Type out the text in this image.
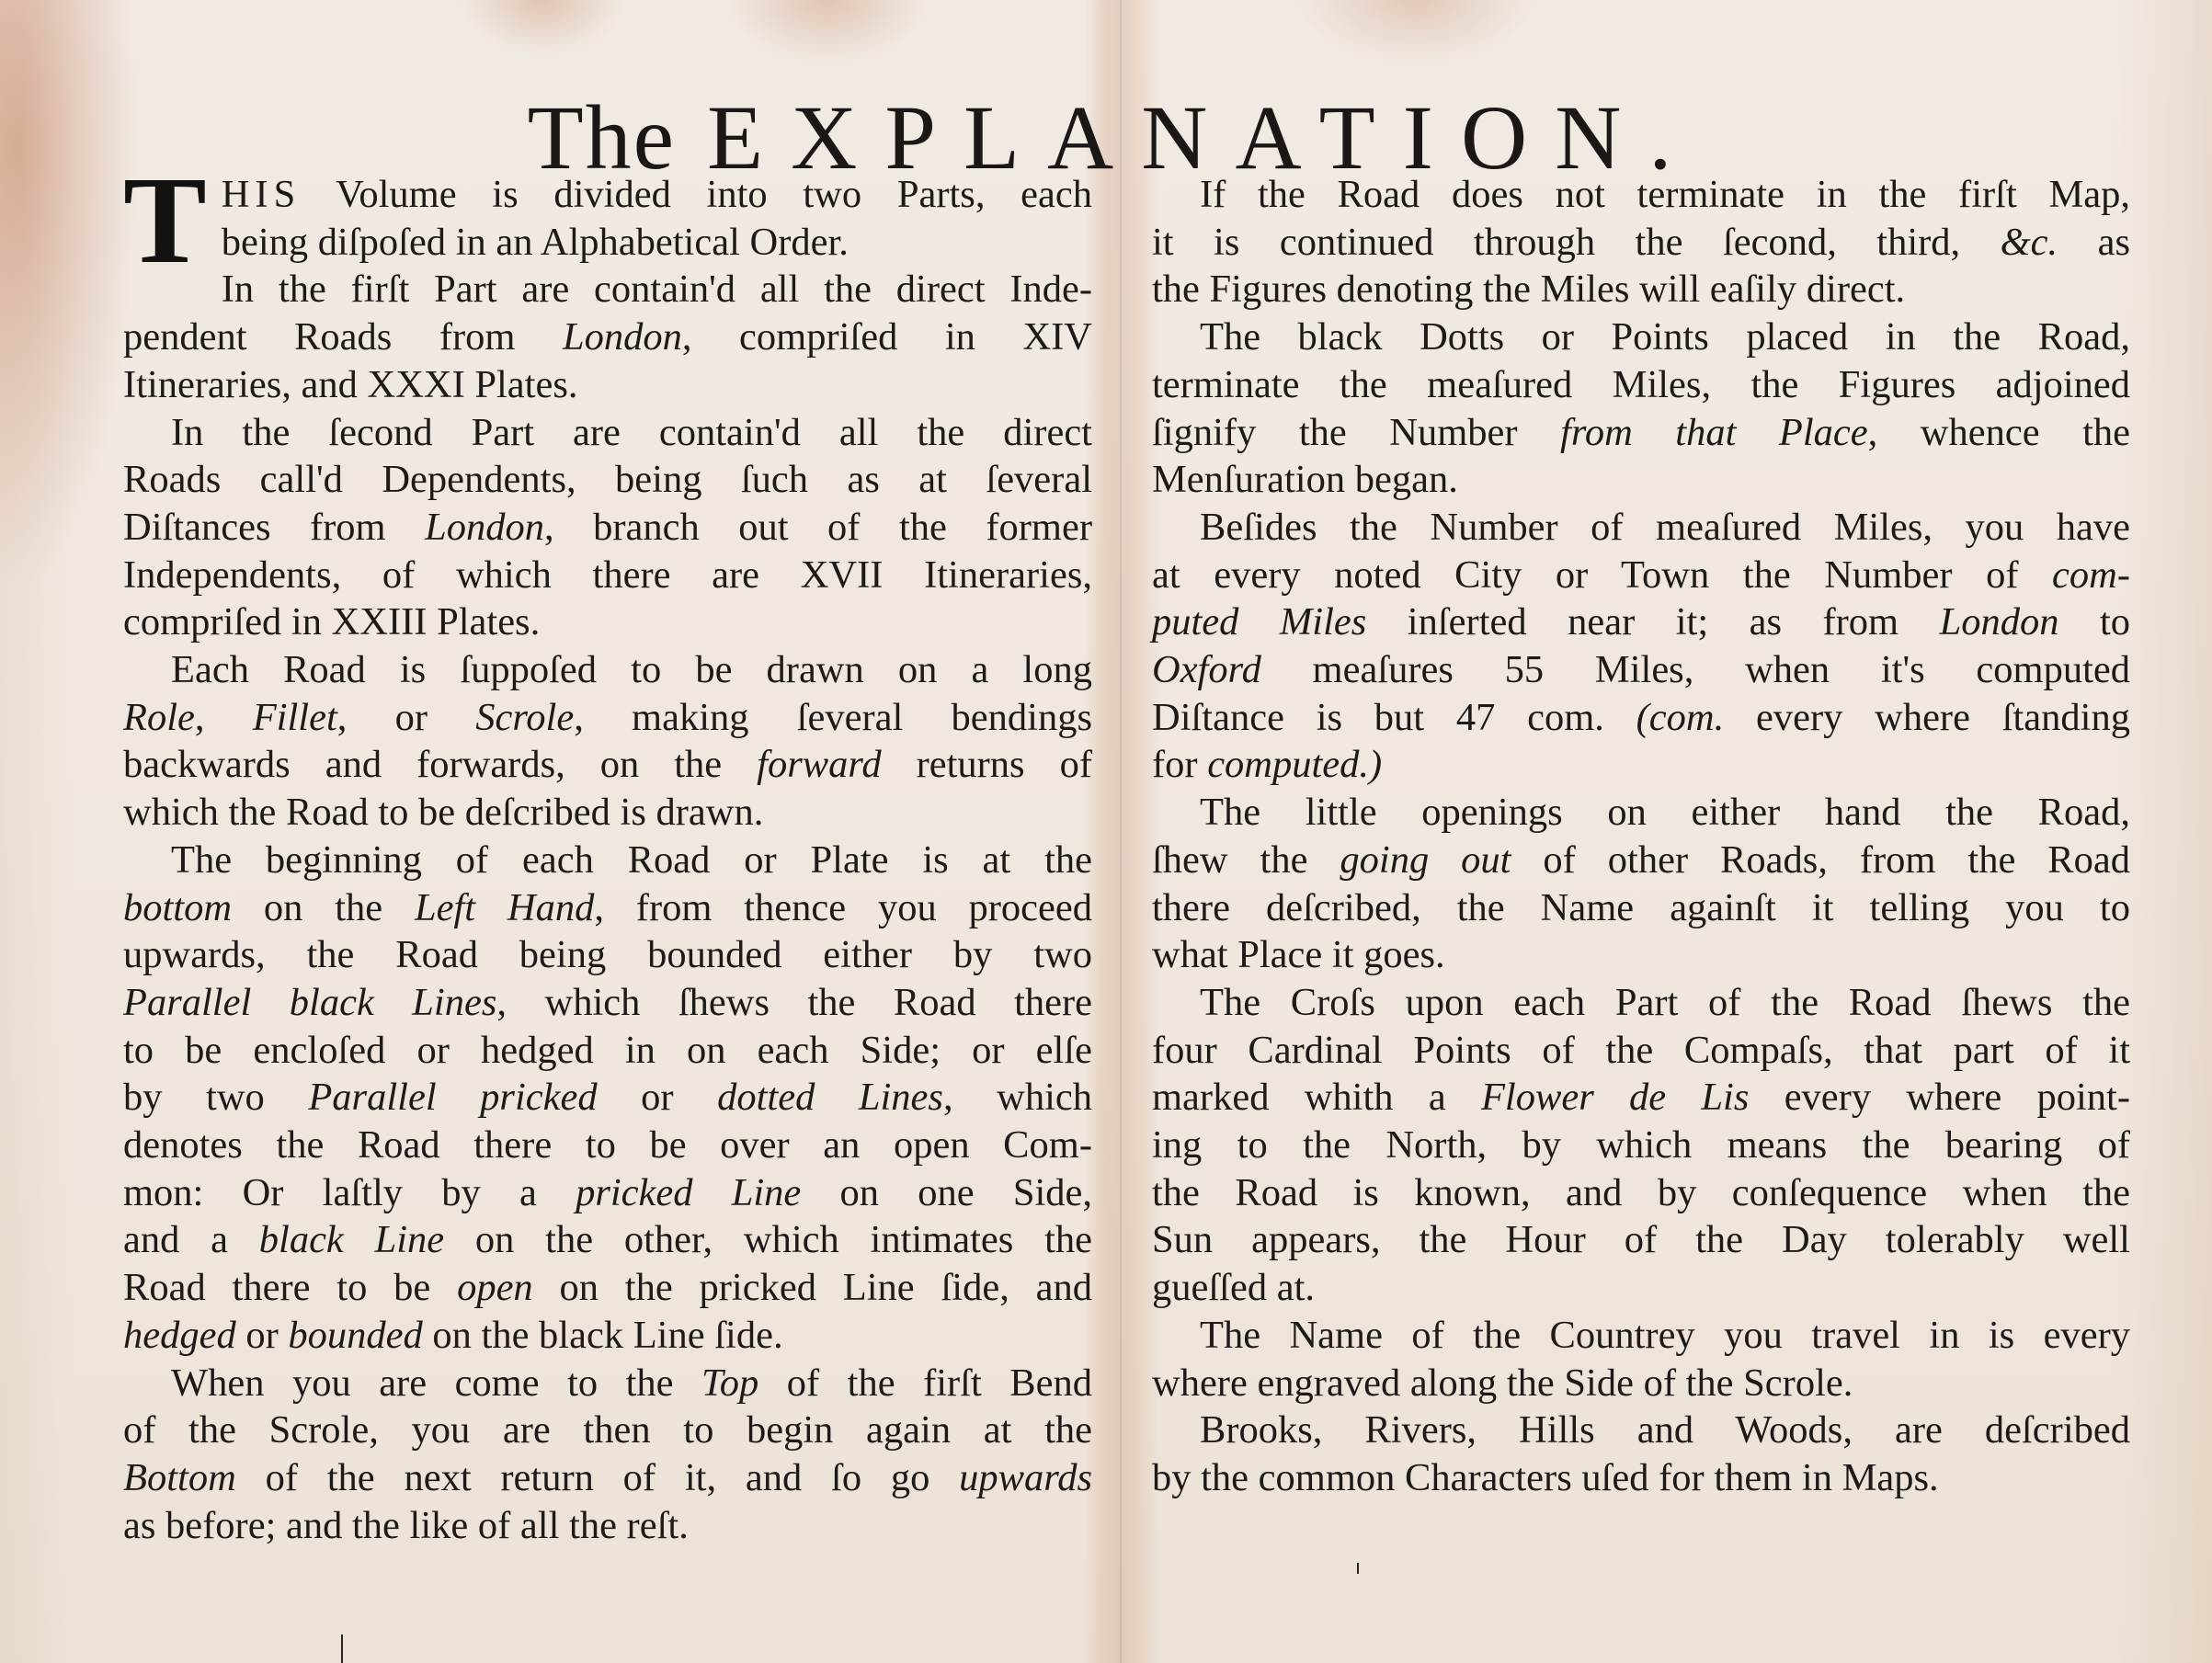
The EXPLANATION.
T HIS Volume is divided into two Parts, each
being diſpoſed in an Alphabetical Order.
In the firſt Part are contain'd all the direct Inde-
pendent Roads from London, compriſed in XIV
Itineraries, and XXXI Plates.
In the ſecond Part are contain'd all the direct
Roads call'd Dependents, being ſuch as at ſeveral
Diſtances from London, branch out of the former
Independents, of which there are XVII Itineraries,
compriſed in XXIII Plates.
Each Road is ſuppoſed to be drawn on a long
Role, Fillet, or Scrole, making ſeveral bendings
backwards and forwards, on the forward returns of
which the Road to be deſcribed is drawn.
The beginning of each Road or Plate is at the
bottom on the Left Hand, from thence you proceed
upwards, the Road being bounded either by two
Parallel black Lines, which ſhews the Road there
to be encloſed or hedged in on each Side; or elſe
by two Parallel pricked or dotted Lines, which
denotes the Road there to be over an open Com-
mon: Or laſtly by a pricked Line on one Side,
and a black Line on the other, which intimates the
Road there to be open on the pricked Line ſide, and
hedged or bounded on the black Line ſide.
When you are come to the Top of the firſt Bend
of the Scrole, you are then to begin again at the
Bottom of the next return of it, and ſo go upwards
as before; and the like of all the reſt.
If the Road does not terminate in the firſt Map,
it is continued through the ſecond, third, &c. as
the Figures denoting the Miles will eaſily direct.
The black Dotts or Points placed in the Road,
terminate the meaſured Miles, the Figures adjoined
ſignify the Number from that Place, whence the
Menſuration began.
Beſides the Number of meaſured Miles, you have
at every noted City or Town the Number of com-
puted Miles inſerted near it; as from London to
Oxford meaſures 55 Miles, when it's computed
Diſtance is but 47 com. (com. every where ſtanding
for computed.)
The little openings on either hand the Road,
ſhew the going out of other Roads, from the Road
there deſcribed, the Name againſt it telling you to
what Place it goes.
The Croſs upon each Part of the Road ſhews the
four Cardinal Points of the Compaſs, that part of it
marked whith a Flower de Lis every where point-
ing to the North, by which means the bearing of
the Road is known, and by conſequence when the
Sun appears, the Hour of the Day tolerably well
gueſſed at.
The Name of the Countrey you travel in is every
where engraved along the Side of the Scrole.
Brooks, Rivers, Hills and Woods, are deſcribed
by the common Characters uſed for them in Maps.
